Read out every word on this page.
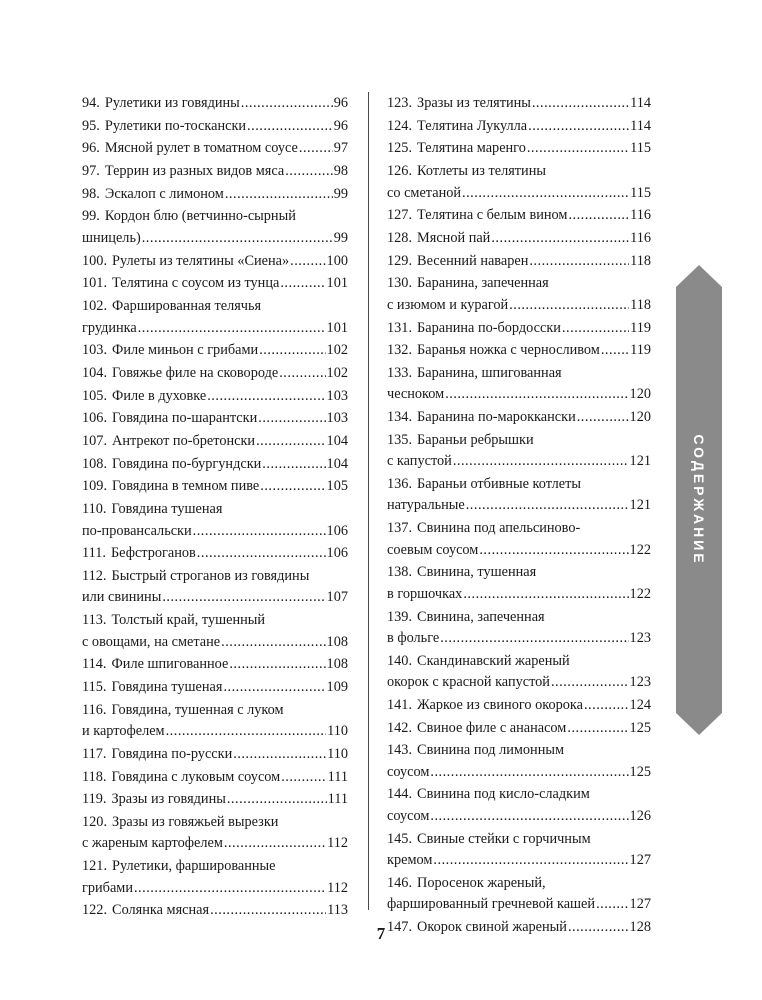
94. Рулетики из говядины .....	96
95. Рулетики по-тоскански .....	96
96. Мясной рулет в томатном соусе .....	97
97. Террин из разных видов мяса .....	98
98. Эскалоп с лимоном .....	99
99. Кордон блю (ветчинно-сырный
шницель) .....	99
100. Рулеты из телятины «Сиена» .....	100
101. Телятина с соусом из тунца .....	101
102. Фаршированная телячья
грудинка .....	101
103. Филе миньон с грибами .....	102
104. Говяжье филе на сковороде .....	102
105. Филе в духовке .....	103
106. Говядина по-шарантски .....	103
107. Антрекот по-бретонски .....	104
108. Говядина по-бургундски .....	104
109. Говядина в темном пиве .....	105
110. Говядина тушеная
по-провансальски .....	106
111. Бефстроганов .....	106
112. Быстрый строганов из говядины
или свинины .....	107
113. Толстый край, тушенный
с овощами, на сметане .....	108
114. Филе шпигованное .....	108
115. Говядина тушеная .....	109
116. Говядина, тушенная с луком
и картофелем .....	110
117. Говядина по-русски .....	110
118. Говядина с луковым соусом .....	111
119. Зразы из говядины .....	111
120. Зразы из говяжьей вырезки
с жареным картофелем .....	112
121. Рулетики, фаршированные
грибами .....	112
122. Солянка мясная .....	113
123. Зразы из телятины .....	114
124. Телятина Лукулла .....	114
125. Телятина маренго .....	115
126. Котлеты из телятины
со сметаной .....	115
127. Телятина с белым вином .....	116
128. Мясной пай .....	116
129. Весенний наварен .....	118
130. Баранина, запеченная
с изюмом и курагой .....	118
131. Баранина по-бордосски .....	119
132. Баранья ножка с черносливом ..... 119
133. Баранина, шпигованная
чесноком .....	120
134. Баранина по-мароккански .....	120
135. Бараньи ребрышки
с капустой .....	121
136. Бараньи отбивные котлеты
натуральные .....	121
137. Свинина под апельсиново-
соевым соусом .....	122
138. Свинина, тушенная
в горшочках .....	122
139. Свинина, запеченная
в фольге .....	123
140. Скандинавский жареный
окорок с красной капустой .....	123
141. Жаркое из свиного окорока .....	124
142. Свиное филе с ананасом .....	125
143. Свинина под лимонным
соусом .....	125
144. Свинина под кисло-сладким
соусом .....	126
145. Свиные стейки с горчичным
кремом .....	127
146. Поросенок жареный,
фаршированный гречневой кашей ..... 127
147. Окорок свиной жареный .....	128
СОДЕРЖАНИЕ
7
